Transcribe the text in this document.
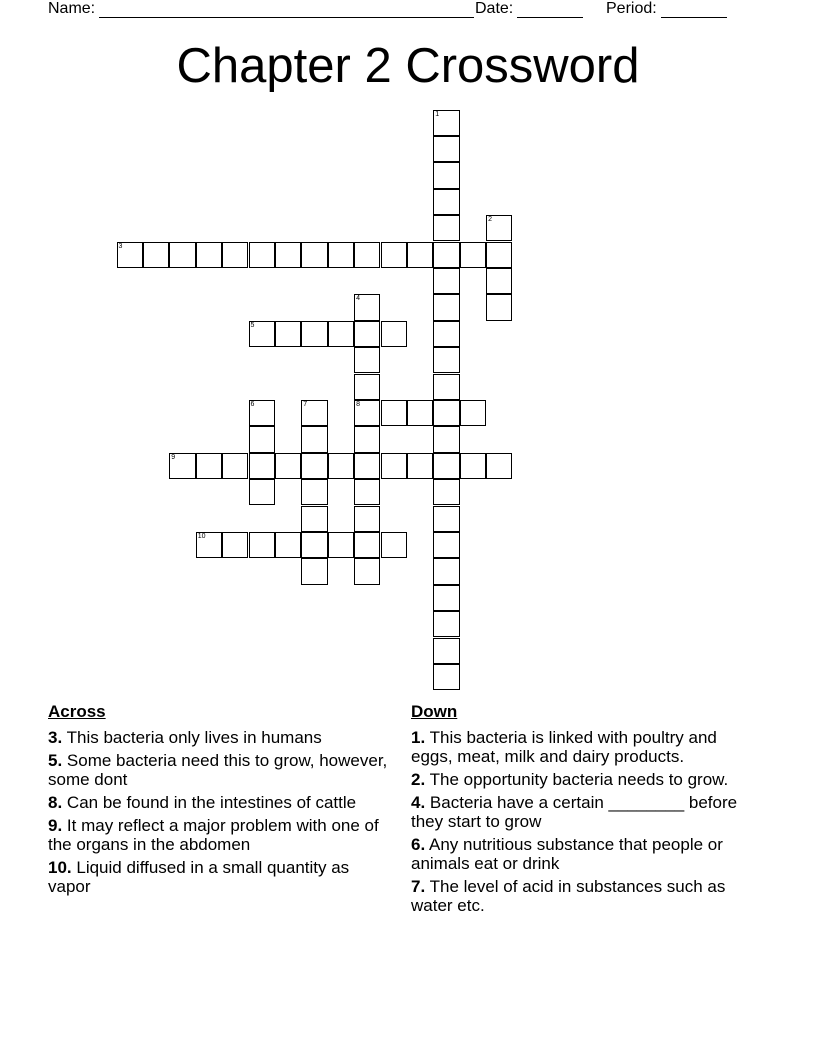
Name:	Date:	Period:
Chapter 2 Crossword
1
2
3
4
8
5
6	7
9
10
Across
3. This bacteria only lives in humans
5. Some bacteria need this to grow, however, some dont
8. Can be found in the intestines of cattle
9. It may reflect a major problem with one of the organs in the abdomen
10. Liquid diffused in a small quantity as vapor
Down
1. This bacteria is linked with poultry and eggs, meat, milk and dairy products.
2. The opportunity bacteria needs to grow.
4. Bacteria have a certain ________ before they start to grow
6. Any nutritious substance that people or animals eat or drink
7. The level of acid in substances such as water etc.
